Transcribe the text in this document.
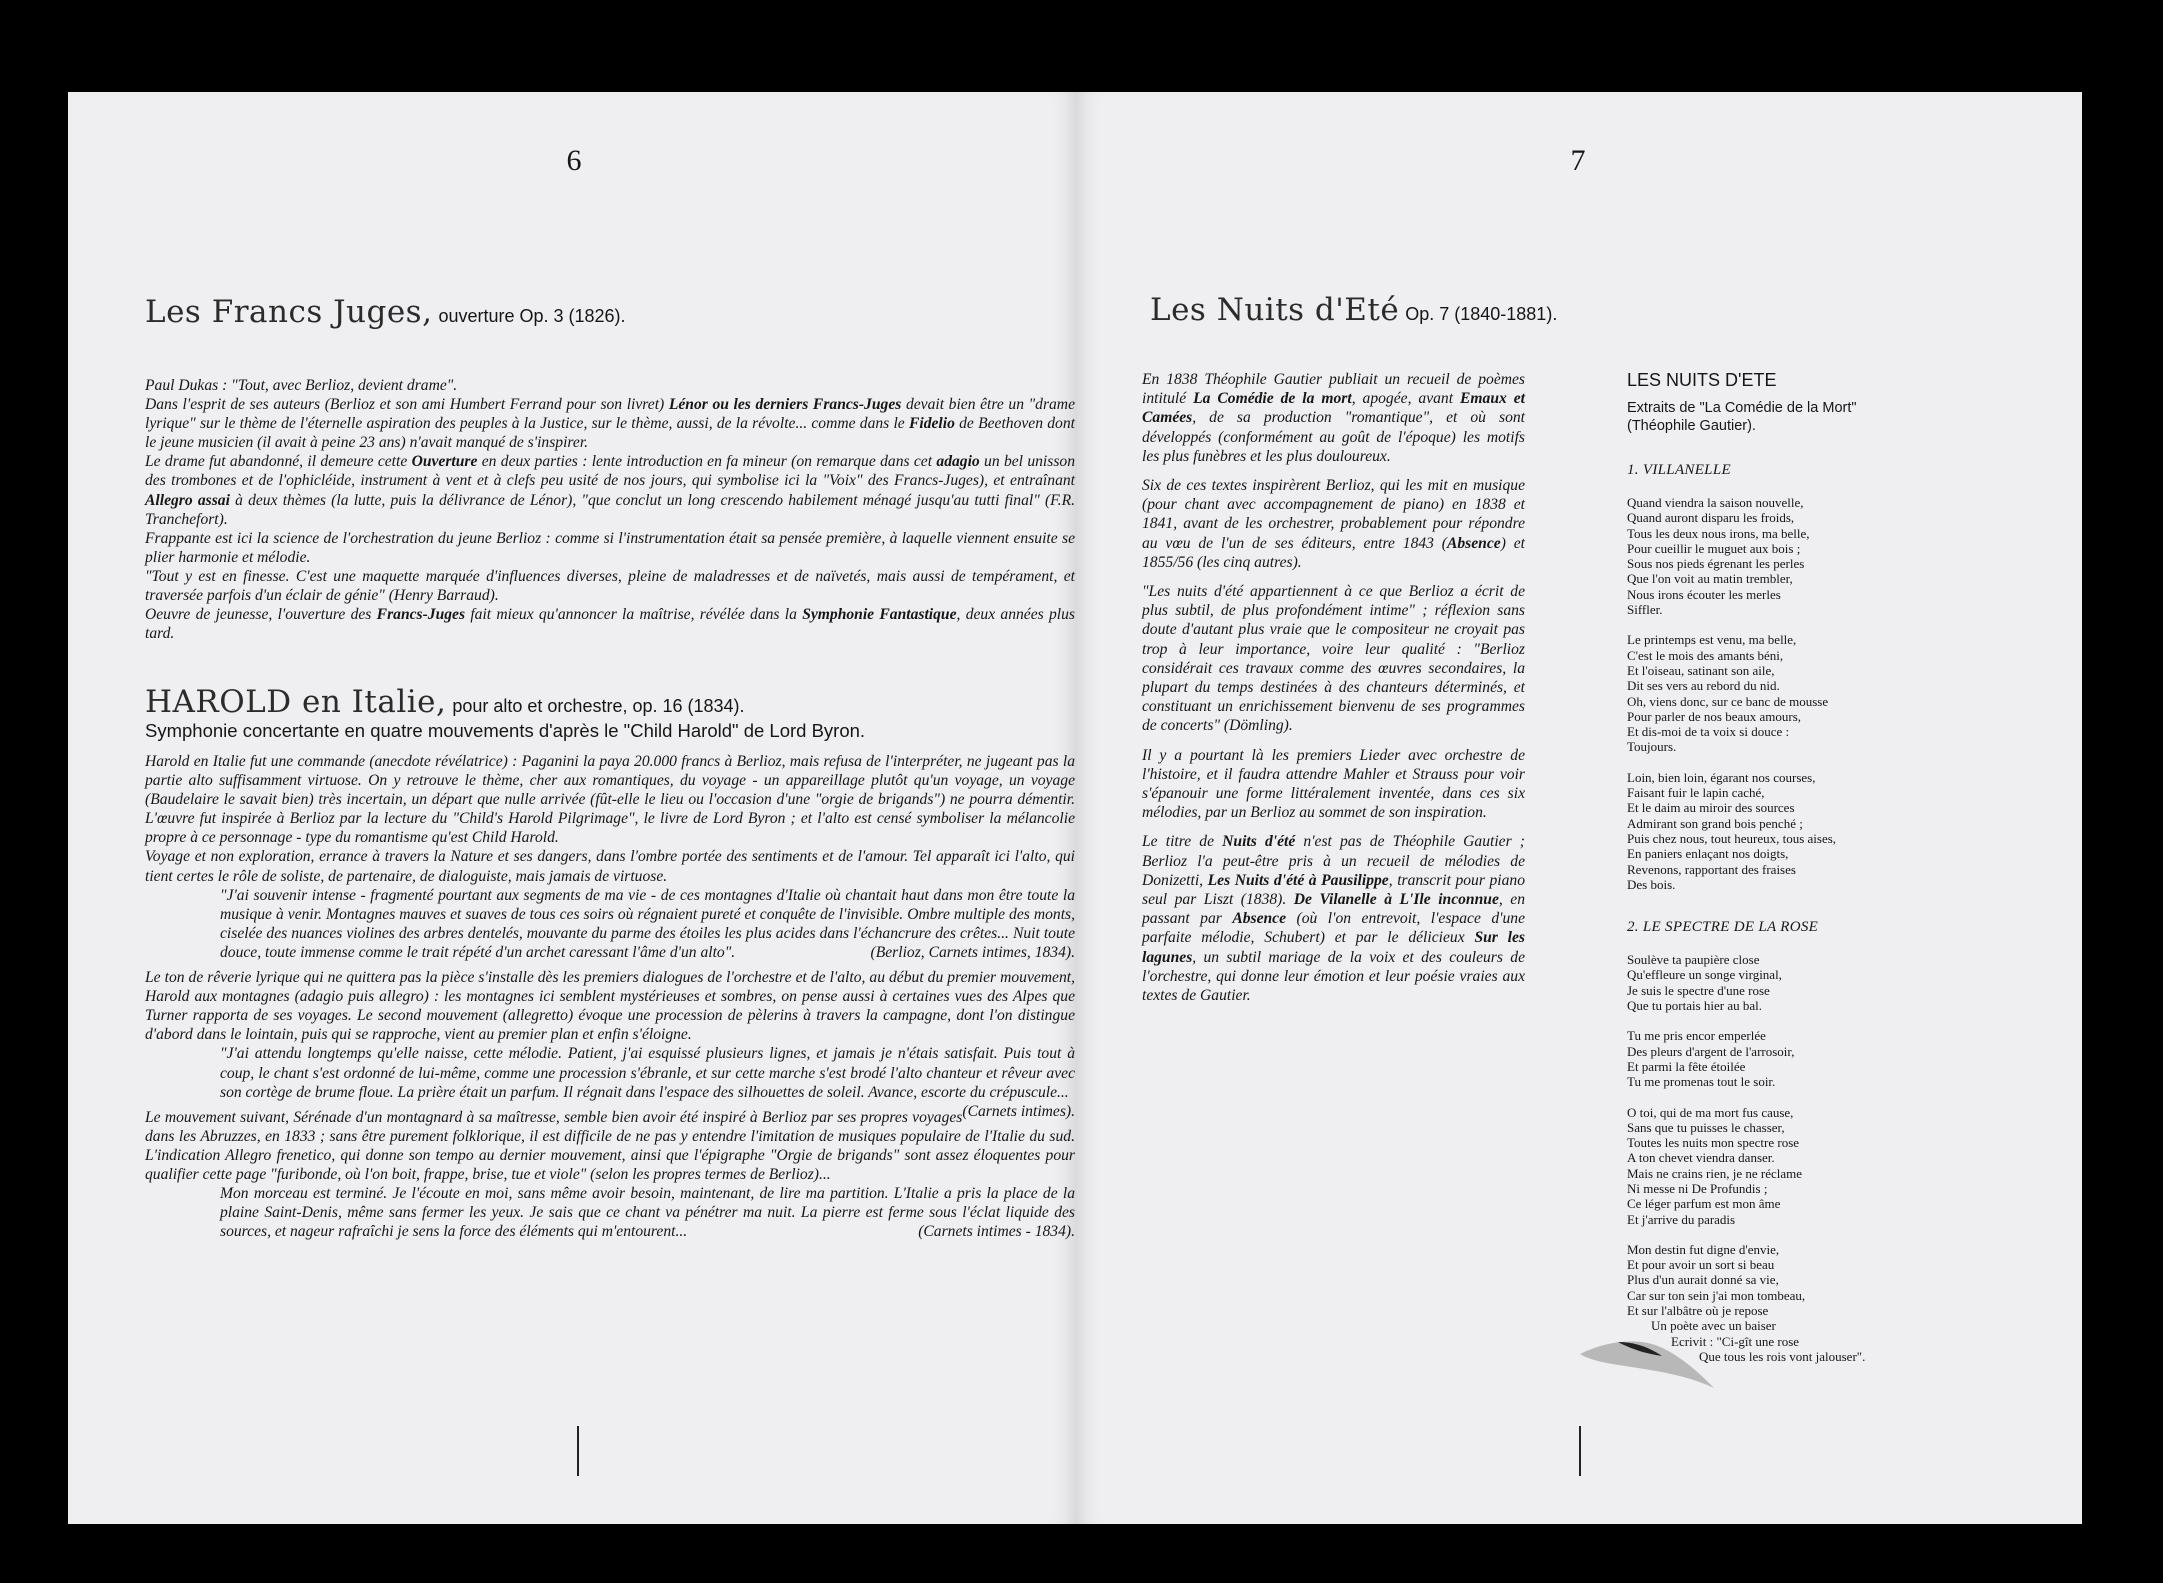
6
Les Francs Juges, ouverture Op. 3 (1826).

Paul Dukas : "Tout, avec Berlioz, devient drame".

Dans l'esprit de ses auteurs (Berlioz et son ami Humbert Ferrand pour son livret) Lénor ou les derniers Francs-Juges devait bien être un "drame lyrique" sur le thème de l'éternelle aspiration des peuples à la Justice, sur le thème, aussi, de la révolte... comme dans le Fidelio de Beethoven dont le jeune musicien (il avait à peine 23 ans) n'avait manqué de s'inspirer.

Le drame fut abandonné, il demeure cette Ouverture en deux parties : lente introduction en fa mineur (on remarque dans cet adagio un bel unisson des trombones et de l'ophicléide, instrument à vent et à clefs peu usité de nos jours, qui symbolise ici la "Voix" des Francs-Juges), et entraînant Allegro assai à deux thèmes (la lutte, puis la délivrance de Lénor), "que conclut un long crescendo habilement ménagé jusqu'au tutti final" (F.R. Tranchefort).

Frappante est ici la science de l'orchestration du jeune Berlioz : comme si l'instrumentation était sa pensée première, à laquelle viennent ensuite se plier harmonie et mélodie.

"Tout y est en finesse. C'est une maquette marquée d'influences diverses, pleine de maladresses et de naïvetés, mais aussi de tempérament, et traversée parfois d'un éclair de génie" (Henry Barraud).

Oeuvre de jeunesse, l'ouverture des Francs-Juges fait mieux qu'annoncer la maîtrise, révélée dans la Symphonie Fantastique, deux années plus tard.

HAROLD en Italie, pour alto et orchestre, op. 16 (1834).
Symphonie concertante en quatre mouvements d'après le "Child Harold" de Lord Byron.

Harold en Italie fut une commande (anecdote révélatrice) : Paganini la paya 20.000 francs à Berlioz, mais refusa de l'interpréter, ne jugeant pas la partie alto suffisamment virtuose. On y retrouve le thème, cher aux romantiques, du voyage - un appareillage plutôt qu'un voyage, un voyage (Baudelaire le savait bien) très incertain, un départ que nulle arrivée (fût-elle le lieu ou l'occasion d'une "orgie de brigands") ne pourra démentir. L'œuvre fut inspirée à Berlioz par la lecture du "Child's Harold Pilgrimage", le livre de Lord Byron ; et l'alto est censé symboliser la mélancolie propre à ce personnage - type du romantisme qu'est Child Harold.

Voyage et non exploration, errance à travers la Nature et ses dangers, dans l'ombre portée des sentiments et de l'amour. Tel apparaît ici l'alto, qui tient certes le rôle de soliste, de partenaire, de dialoguiste, mais jamais de virtuose.

"J'ai souvenir intense - fragmenté pourtant aux segments de ma vie - de ces montagnes d'Italie où chantait haut dans mon être toute la musique à venir. Montagnes mauves et suaves de tous ces soirs où régnaient pureté et conquête de l'invisible. Ombre multiple des monts, ciselée des nuances violines des arbres dentelés, mouvante du parme des étoiles les plus acides dans l'échancrure des crêtes... Nuit toute douce, toute immense comme le trait répété d'un archet caressant l'âme d'un alto".	(Berlioz, Carnets intimes, 1834).

Le ton de rêverie lyrique qui ne quittera pas la pièce s'installe dès les premiers dialogues de l'orchestre et de l'alto, au début du premier mouvement, Harold aux montagnes (adagio puis allegro) : les montagnes ici semblent mystérieuses et sombres, on pense aussi à certaines vues des Alpes que Turner rapporta de ses voyages. Le second mouvement (allegretto) évoque une procession de pèlerins à travers la campagne, dont l'on distingue d'abord dans le lointain, puis qui se rapproche, vient au premier plan et enfin s'éloigne.

"J'ai attendu longtemps qu'elle naisse, cette mélodie. Patient, j'ai esquissé plusieurs lignes, et jamais je n'étais satisfait. Puis tout à coup, le chant s'est ordonné de lui-même, comme une procession s'ébranle, et sur cette marche s'est brodé l'alto chanteur et rêveur avec son cortège de brume floue. La prière était un parfum. Il régnait dans l'espace des silhouettes de soleil. Avance, escorte du crépuscule...
(Carnets intimes).

Le mouvement suivant, Sérénade d'un montagnard à sa maîtresse, semble bien avoir été inspiré à Berlioz par ses propres voyages dans les Abruzzes, en 1833 ; sans être purement folklorique, il est difficile de ne pas y entendre l'imitation de musiques populaire de l'Italie du sud. L'indication Allegro frenetico, qui donne son tempo au dernier mouvement, ainsi que l'épigraphe "Orgie de brigands" sont assez éloquentes pour qualifier cette page "furibonde, où l'on boit, frappe, brise, tue et viole" (selon les propres termes de Berlioz)...

Mon morceau est terminé. Je l'écoute en moi, sans même avoir besoin, maintenant, de lire ma partition. L'Italie a pris la place de la plaine Saint-Denis, même sans fermer les yeux. Je sais que ce chant va pénétrer ma nuit. La pierre est ferme sous l'éclat liquide des sources, et nageur rafraîchi je sens la force des éléments qui m'entourent...	(Carnets intimes - 1834).

7
Les Nuits d'Eté Op. 7 (1840-1881).

En 1838 Théophile Gautier publiait un recueil de poèmes intitulé La Comédie de la mort, apogée, avant Emaux et Camées, de sa production "romantique", et où sont développés (conformément au goût de l'époque) les motifs les plus funèbres et les plus douloureux.

Six de ces textes inspirèrent Berlioz, qui les mit en musique (pour chant avec accompagnement de piano) en 1838 et 1841, avant de les orchestrer, probablement pour répondre au vœu de l'un de ses éditeurs, entre 1843 (Absence) et 1855/56 (les cinq autres).

"Les nuits d'été appartiennent à ce que Berlioz a écrit de plus subtil, de plus profondément intime" ; réflexion sans doute d'autant plus vraie que le compositeur ne croyait pas trop à leur importance, voire leur qualité : "Berlioz considérait ces travaux comme des œuvres secondaires, la plupart du temps destinées à des chanteurs déterminés, et constituant un enrichissement bienvenu de ses programmes de concerts" (Dömling).

Il y a pourtant là les premiers Lieder avec orchestre de l'histoire, et il faudra attendre Mahler et Strauss pour voir s'épanouir une forme littéralement inventée, dans ces six mélodies, par un Berlioz au sommet de son inspiration.

Le titre de Nuits d'été n'est pas de Théophile Gautier ; Berlioz l'a peut-être pris à un recueil de mélodies de Donizetti, Les Nuits d'été à Pausilippe, transcrit pour piano seul par Liszt (1838). De Vilanelle à L'Ile inconnue, en passant par Absence (où l'on entrevoit, l'espace d'une parfaite mélodie, Schubert) et par le délicieux Sur les lagunes, un subtil mariage de la voix et des couleurs de l'orchestre, qui donne leur émotion et leur poésie vraies aux textes de Gautier.

LES NUITS D'ETE
Extraits de "La Comédie de la Mort"
(Théophile Gautier).
1. VILLANELLE
Quand viendra la saison nouvelle,
Quand auront disparu les froids,
Tous les deux nous irons, ma belle,
Pour cueillir le muguet aux bois ;
Sous nos pieds égrenant les perles
Que l'on voit au matin trembler,
Nous irons écouter les merles
Siffler.
Le printemps est venu, ma belle,
C'est le mois des amants béni,
Et l'oiseau, satinant son aile,
Dit ses vers au rebord du nid.
Oh, viens donc, sur ce banc de mousse
Pour parler de nos beaux amours,
Et dis-moi de ta voix si douce :
Toujours.
Loin, bien loin, égarant nos courses,
Faisant fuir le lapin caché,
Et le daim au miroir des sources
Admirant son grand bois penché ;
Puis chez nous, tout heureux, tous aises,
En paniers enlaçant nos doigts,
Revenons, rapportant des fraises
Des bois.
2. LE SPECTRE DE LA ROSE
Soulève ta paupière close
Qu'effleure un songe virginal,
Je suis le spectre d'une rose
Que tu portais hier au bal.
Tu me pris encor emperlée
Des pleurs d'argent de l'arrosoir,
Et parmi la fête étoilée
Tu me promenas tout le soir.
O toi, qui de ma mort fus cause,
Sans que tu puisses le chasser,
Toutes les nuits mon spectre rose
A ton chevet viendra danser.
Mais ne crains rien, je ne réclame
Ni messe ni De Profundis ;
Ce léger parfum est mon âme
Et j'arrive du paradis
Mon destin fut digne d'envie,
Et pour avoir un sort si beau
Plus d'un aurait donné sa vie,
Car sur ton sein j'ai mon tombeau,
Et sur l'albâtre où je repose
Un poète avec un baiser
Ecrivit : "Ci-gît une rose
Que tous les rois vont jalouser".
